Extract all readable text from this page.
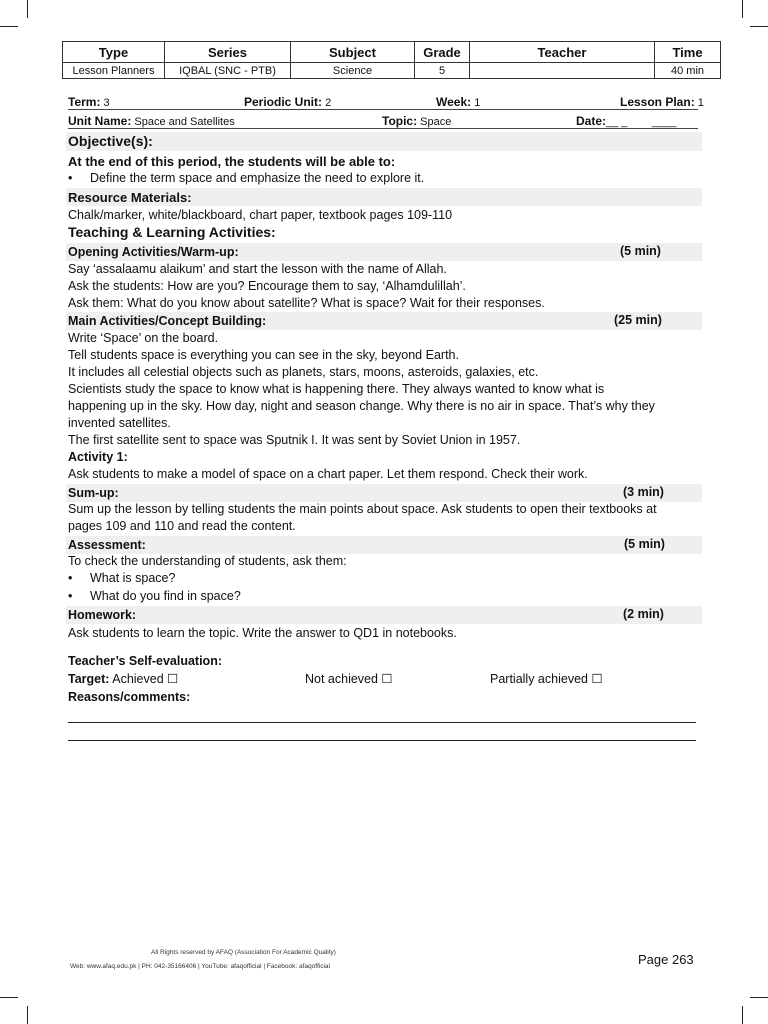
Type	Series	Subject	Grade	Teacher	Time
Lesson Planners	IQBAL (SNC - PTB)	Science	5		40 min
Term: 3	Periodic Unit: 2	Week: 1	Lesson Plan: 1
Unit Name: Space and Satellites	Topic: Space	Date:__ _        ____
Objective(s):
At the end of this period, the students will be able to:
• Define the term space and emphasize the need to explore it.
Resource Materials:
Chalk/marker, white/blackboard, chart paper, textbook pages 109-110
Teaching & Learning Activities:
Opening Activities/Warm-up:	(5 min)
Say ‘assalaamu alaikum’ and start the lesson with the name of Allah.
Ask the students: How are you? Encourage them to say, ‘Alhamdulillah’.
Ask them: What do you know about satellite? What is space? Wait for their responses.
Main Activities/Concept Building:	(25 min)
Write ‘Space’ on the board.
Tell students space is everything you can see in the sky, beyond Earth.
It includes all celestial objects such as planets, stars, moons, asteroids, galaxies, etc.
Scientists study the space to know what is happening there. They always wanted to know what is
happening up in the sky. How day, night and season change. Why there is no air in space. That’s why they
invented satellites.
The first satellite sent to space was Sputnik I. It was sent by Soviet Union in 1957.
Activity 1:
Ask students to make a model of space on a chart paper. Let them respond. Check their work.
Sum-up:	(3 min)
Sum up the lesson by telling students the main points about space. Ask students to open their textbooks at
pages 109 and 110 and read the content.
Assessment:	(5 min)
To check the understanding of students, ask them:
• What is space?
• What do you find in space?
Homework:	(2 min)
Ask students to learn the topic. Write the answer to QD1 in notebooks.
Teacher’s Self-evaluation:
Target: Achieved ☐	Not achieved ☐	Partially achieved ☐
Reasons/comments:
All Rights reserved by AFAQ (Association For Academic Quality)
Web: www.afaq.edu.pk | PH: 042-35166406 | YouTube: afaqofficial | Facebook: afaqofficial	Page 263
